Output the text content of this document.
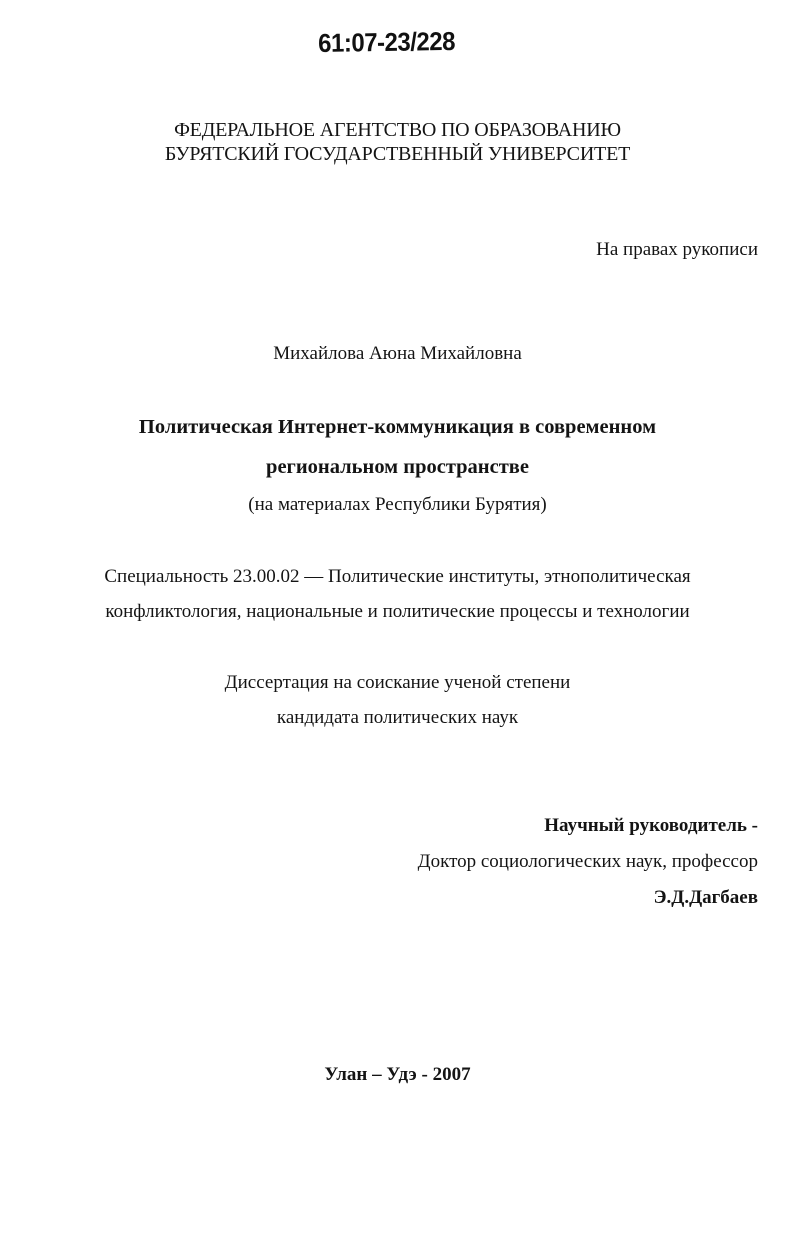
61:07-23/228
ФЕДЕРАЛЬНОЕ АГЕНТСТВО ПО ОБРАЗОВАНИЮ
БУРЯТСКИЙ ГОСУДАРСТВЕННЫЙ УНИВЕРСИТЕТ
На правах рукописи
Михайлова Аюна Михайловна
Политическая Интернет-коммуникация в современном
региональном пространстве
(на материалах Республики Бурятия)
Специальность 23.00.02 — Политические институты, этнополитическая
конфликтология, национальные и политические процессы и технологии
Диссертация на соискание ученой степени
кандидата политических наук
Научный руководитель -
Доктор социологических наук, профессор
Э.Д.Дагбаев
Улан – Удэ - 2007
